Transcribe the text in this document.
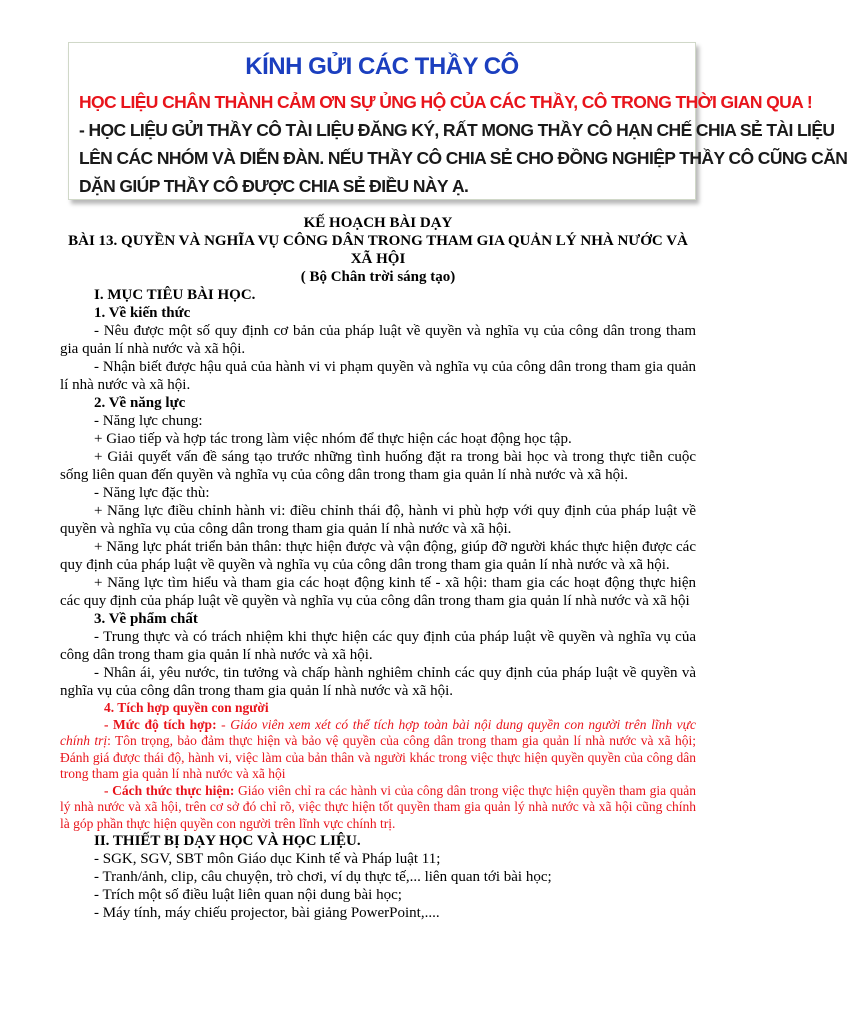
KÍNH GỬI CÁC THẦY CÔ
HỌC LIỆU CHÂN THÀNH CẢM ƠN SỰ ỦNG HỘ CỦA CÁC THẦY, CÔ TRONG THỜI GIAN QUA !
- HỌC LIỆU GỬI THẦY CÔ TÀI LIỆU ĐĂNG KÝ, RẤT MONG THẦY CÔ HẠN CHẾ CHIA SẺ TÀI LIỆU
LÊN CÁC NHÓM VÀ DIỄN ĐÀN. NẾU THẦY CÔ CHIA SẺ CHO ĐỒNG NGHIỆP THẦY CÔ CŨNG CĂN
DẶN GIÚP THẦY CÔ ĐƯỢC CHIA SẺ ĐIỀU NÀY Ạ.
KẾ HOẠCH BÀI DẠY
BÀI 13. QUYỀN VÀ NGHĨA VỤ CÔNG DÂN TRONG THAM GIA QUẢN LÝ NHÀ NƯỚC VÀ XÃ HỘI
( Bộ Chân trời sáng tạo)
I. MỤC TIÊU BÀI HỌC.
1. Về kiến thức
- Nêu được một số quy định cơ bản của pháp luật về quyền và nghĩa vụ của công dân trong tham gia quản lí nhà nước và xã hội.
- Nhận biết được hậu quả của hành vi vi phạm quyền và nghĩa vụ của công dân trong tham gia quản lí nhà nước và xã hội.
2. Về năng lực
- Năng lực chung:
+ Giao tiếp và hợp tác trong làm việc nhóm để thực hiện các hoạt động học tập.
+ Giải quyết vấn đề sáng tạo trước những tình huống đặt ra trong bài học và trong thực tiễn cuộc sống liên quan đến quyền và nghĩa vụ của công dân trong tham gia quản lí nhà nước và xã hội.
- Năng lực đặc thù:
+ Năng lực điều chỉnh hành vi: điều chỉnh thái độ, hành vi phù hợp với quy định của pháp luật về quyền và nghĩa vụ của công dân trong tham gia quản lí nhà nước và xã hội.
+ Năng lực phát triển bản thân: thực hiện được và vận động, giúp đỡ người khác thực hiện được các quy định của pháp luật về quyền và nghĩa vụ của công dân trong tham gia quản lí nhà nước và xã hội.
+ Năng lực tìm hiểu và tham gia các hoạt động kinh tế - xã hội: tham gia các hoạt động thực hiện các quy định của pháp luật về quyền và nghĩa vụ của công dân trong tham gia quản lí nhà nước và xã hội
3. Về phẩm chất
- Trung thực và có trách nhiệm khi thực hiện các quy định của pháp luật về quyền và nghĩa vụ của công dân trong tham gia quản lí nhà nước và xã hội.
- Nhân ái, yêu nước, tin tưởng và chấp hành nghiêm chỉnh các quy định của pháp luật về quyền và nghĩa vụ của công dân trong tham gia quản lí nhà nước và xã hội.
4. Tích hợp quyền con người
- Mức độ tích hợp: - Giáo viên xem xét có thể tích hợp toàn bài nội dung quyền con người trên lĩnh vực chính trị: Tôn trọng, bảo đảm thực hiện và bảo vệ quyền của công dân trong tham gia quản lí nhà nước và xã hội; Đánh giá được thái độ, hành vi, việc làm của bản thân và người khác trong việc thực hiện quyền quyền của công dân trong tham gia quản lí nhà nước và xã hội
- Cách thức thực hiện: Giáo viên chỉ ra các hành vi của công dân trong việc thực hiện quyền tham gia quản lý nhà nước và xã hội, trên cơ sở đó chỉ rõ, việc thực hiện tốt quyền tham gia quản lý nhà nước và xã hội cũng chính là góp phần thực hiện quyền con người trên lĩnh vực chính trị.
II. THIẾT BỊ DẠY HỌC VÀ HỌC LIỆU.
- SGK, SGV, SBT môn Giáo dục Kinh tế và Pháp luật 11;
- Tranh/ảnh, clip, câu chuyện, trò chơi, ví dụ thực tế,... liên quan tới bài học;
- Trích một số điều luật liên quan nội dung bài học;
- Máy tính, máy chiếu projector, bài giảng PowerPoint,....
